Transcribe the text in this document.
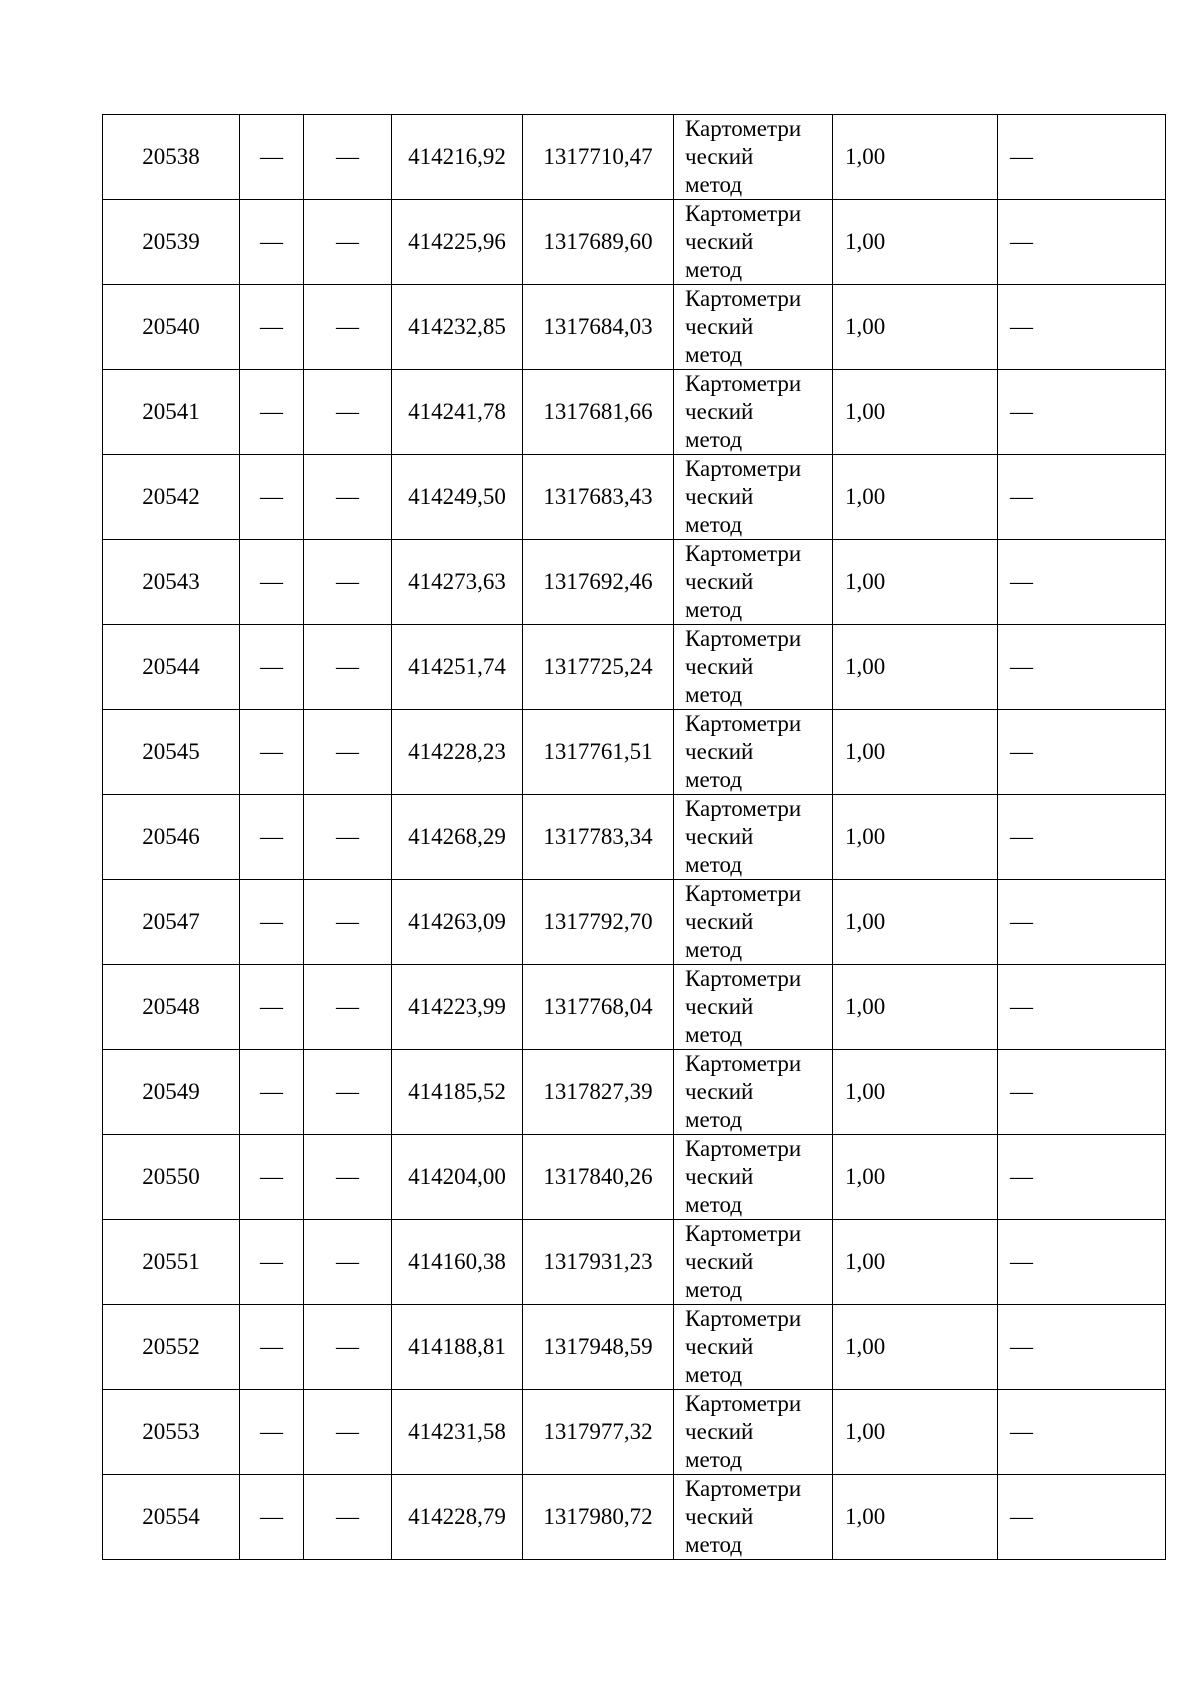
20538	—	—	414216,92	1317710,47	Картометри
ческий
метод	1,00	—
20539	—	—	414225,96	1317689,60	Картометри
ческий
метод	1,00	—
20540	—	—	414232,85	1317684,03	Картометри
ческий
метод	1,00	—
20541	—	—	414241,78	1317681,66	Картометри
ческий
метод	1,00	—
20542	—	—	414249,50	1317683,43	Картометри
ческий
метод	1,00	—
20543	—	—	414273,63	1317692,46	Картометри
ческий
метод	1,00	—
20544	—	—	414251,74	1317725,24	Картометри
ческий
метод	1,00	—
20545	—	—	414228,23	1317761,51	Картометри
ческий
метод	1,00	—
20546	—	—	414268,29	1317783,34	Картометри
ческий
метод	1,00	—
20547	—	—	414263,09	1317792,70	Картометри
ческий
метод	1,00	—
20548	—	—	414223,99	1317768,04	Картометри
ческий
метод	1,00	—
20549	—	—	414185,52	1317827,39	Картометри
ческий
метод	1,00	—
20550	—	—	414204,00	1317840,26	Картометри
ческий
метод	1,00	—
20551	—	—	414160,38	1317931,23	Картометри
ческий
метод	1,00	—
20552	—	—	414188,81	1317948,59	Картометри
ческий
метод	1,00	—
20553	—	—	414231,58	1317977,32	Картометри
ческий
метод	1,00	—
20554	—	—	414228,79	1317980,72	Картометри
ческий
метод	1,00	—
